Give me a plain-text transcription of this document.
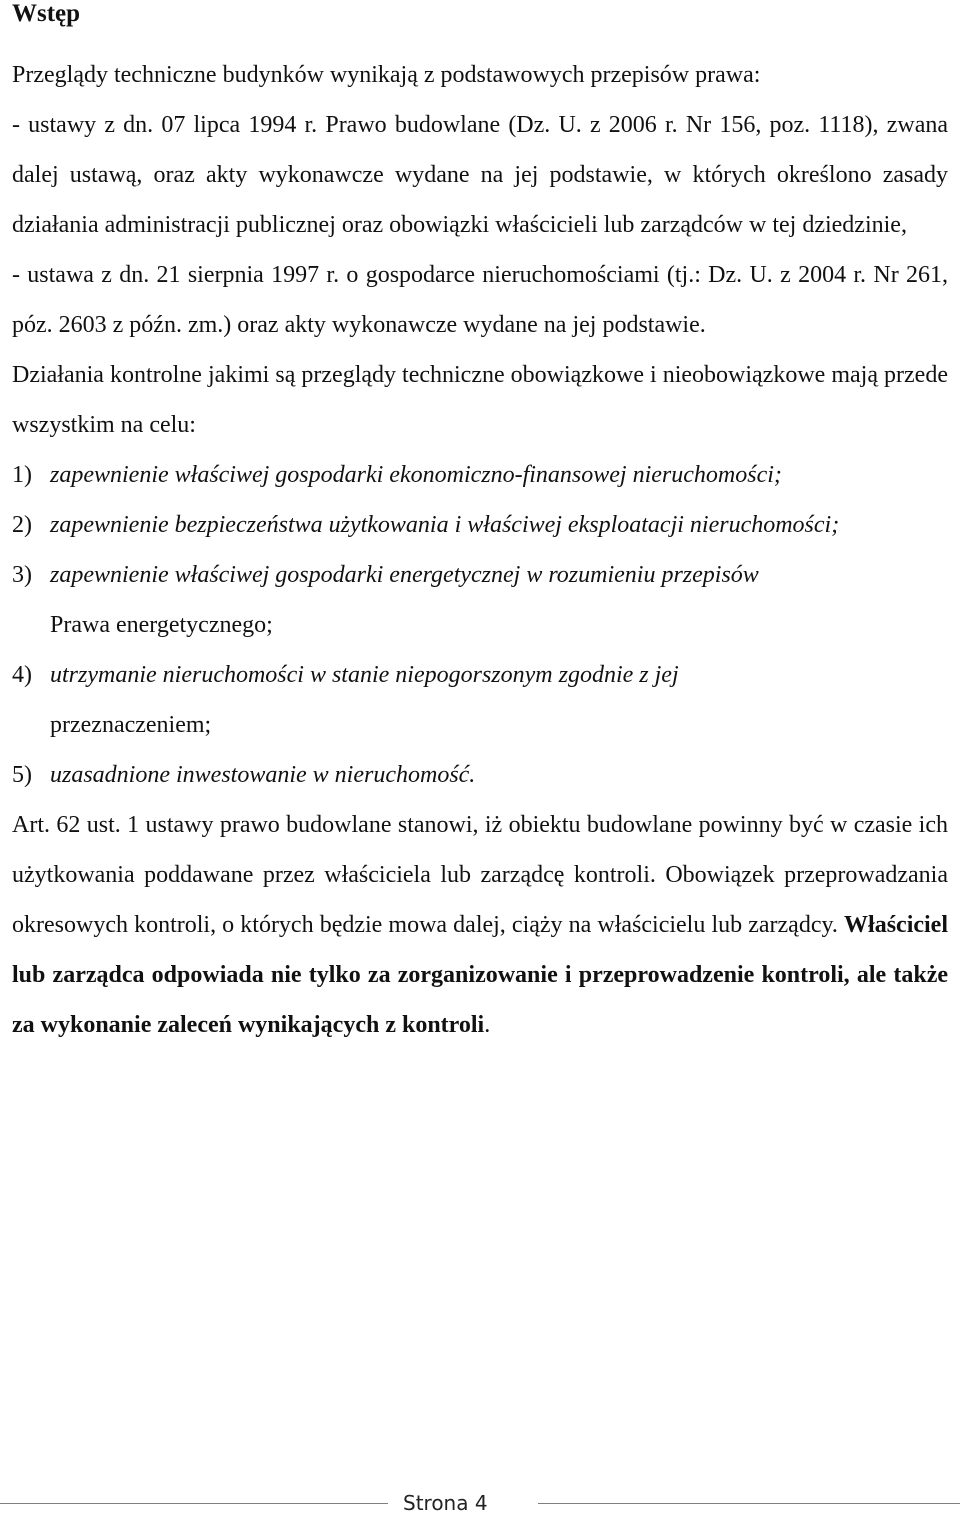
Wstęp

Przeglądy techniczne budynków wynikają z podstawowych przepisów prawa:

- ustawy z dn. 07 lipca 1994 r. Prawo budowlane (Dz. U. z 2006 r. Nr 156, poz. 1118), zwana dalej ustawą, oraz akty wykonawcze wydane na jej podstawie, w których określono zasady działania administracji publicznej oraz obowiązki właścicieli lub zarządców w tej dziedzinie,

- ustawa z dn. 21 sierpnia 1997 r. o gospodarce nieruchomościami (tj.: Dz. U. z 2004 r. Nr 261, póz. 2603 z późn. zm.) oraz akty wykonawcze wydane na jej podstawie.

Działania kontrolne jakimi są przeglądy techniczne obowiązkowe i nieobowiązkowe mają przede wszystkim na celu:

1) zapewnienie właściwej gospodarki ekonomiczno-finansowej nieruchomości;
2) zapewnienie bezpieczeństwa użytkowania i właściwej eksploatacji nieruchomości;
3) zapewnienie właściwej gospodarki energetycznej w rozumieniu przepisów
Prawa energetycznego;
4) utrzymanie nieruchomości w stanie niepogorszonym zgodnie z jej
przeznaczeniem;
5) uzasadnione inwestowanie w nieruchomość.

Art. 62 ust. 1 ustawy prawo budowlane stanowi, iż obiektu budowlane powinny być w czasie ich użytkowania poddawane przez właściciela lub zarządcę kontroli. Obowiązek przeprowadzania okresowych kontroli, o których będzie mowa dalej, ciąży na właścicielu lub zarządcy. Właściciel lub zarządca odpowiada nie tylko za zorganizowanie i przeprowadzenie kontroli, ale także za wykonanie zaleceń wynikających z kontroli.

Strona 4
